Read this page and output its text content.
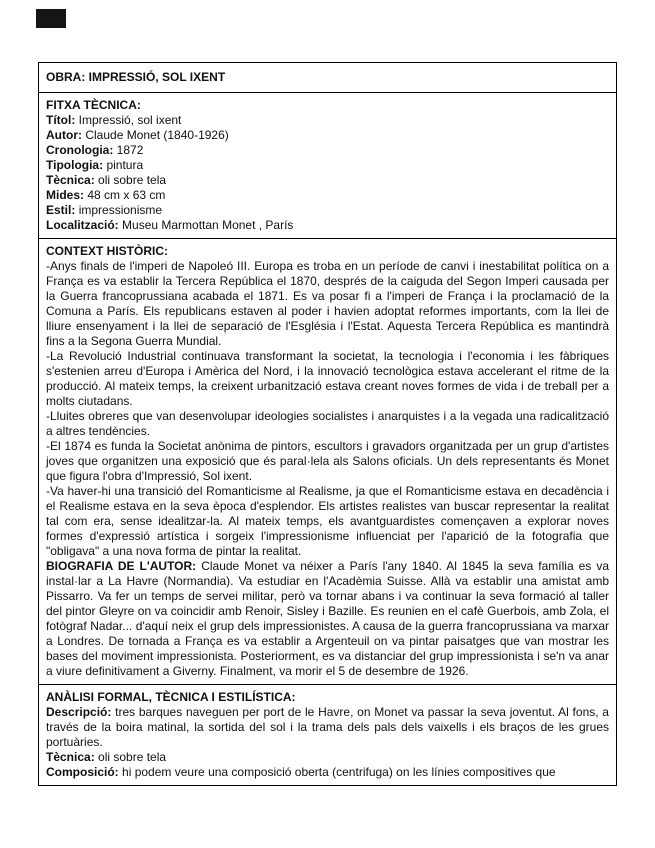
OBRA: IMPRESSIÓ, SOL IXENT

FITXA TÈCNICA:

Títol: Impressió, sol ixent

Autor: Claude Monet (1840-1926)

Cronologia: 1872

Tipologia: pintura

Tècnica: oli sobre tela

Mides: 48 cm x 63 cm

Estil: impressionisme

Localització: Museu Marmottan Monet , París

CONTEXT HISTÒRIC:

-Anys finals de l'imperi de Napoleó III. Europa es troba en un període de canvi i inestabilitat política on a França es va establir la Tercera República el 1870, després de la caiguda del Segon Imperi causada per la Guerra francoprussiana acabada el 1871. Es va posar fi a l'imperi de França i la proclamació de la Comuna a París. Els republicans estaven al poder i havien adoptat reformes importants, com la llei de lliure ensenyament i la llei de separació de l'Església i l'Estat. Aquesta Tercera República es mantindrà fins a la Segona Guerra Mundial.

-La Revolució Industrial continuava transformant la societat, la tecnologia i l'economia i les fàbriques s'estenien arreu d'Europa i Amèrica del Nord, i la innovació tecnològica estava accelerant el ritme de la producció. Al mateix temps, la creixent urbanització estava creant noves formes de vida i de treball per a molts ciutadans.

-Lluites obreres que van desenvolupar ideologies socialistes i anarquistes i a la vegada una radicalització a altres tendències.

-El 1874 es funda la Societat anònima de pintors, escultors i gravadors organitzada per un grup d'artistes joves que organitzen una exposició que és paral·lela als Salons oficials. Un dels representants és Monet que figura l'obra d'Impressió, Sol ixent.

-Va haver-hi una transició del Romanticisme al Realisme, ja que el Romanticisme estava en decadència i el Realisme estava en la seva època d'esplendor. Els artistes realistes van buscar representar la realitat tal com era, sense idealitzar-la. Al mateix temps, els avantguardistes començaven a explorar noves formes d'expressió artística i sorgeix l'impressionisme influenciat per l'aparició de la fotografia que "obligava" a una nova forma de pintar la realitat.

BIOGRAFIA DE L'AUTOR: Claude Monet va néixer a París l'any 1840. Al 1845 la seva família es va instal·lar a La Havre (Normandia). Va estudiar en l'Acadèmia Suisse. Allà va establir una amistat amb Pissarro. Va fer un temps de servei militar, però va tornar abans i va continuar la seva formació al taller del pintor Gleyre on va coincidir amb Renoir, Sisley i Bazille. Es reunien en el cafè Guerbois, amb Zola, el fotògraf Nadar... d'aquí neix el grup dels impressionistes. A causa de la guerra francoprussiana va marxar a Londres. De tornada a França es va establir a Argenteuil on va pintar paisatges que van mostrar les bases del moviment impressionista. Posteriorment, es va distanciar del grup impressionista i se'n va anar a viure definitivament a Giverny. Finalment, va morir el 5 de desembre de 1926.

ANÀLISI FORMAL, TÈCNICA I ESTILÍSTICA:

Descripció: tres barques naveguen per port de le Havre, on Monet va passar la seva joventut. Al fons, a través de la boira matinal, la sortida del sol i la trama dels pals dels vaixells i els braços de les grues portuàries.

Tècnica: oli sobre tela

Composició: hi podem veure una composició oberta (centrifuga) on les línies compositives que
